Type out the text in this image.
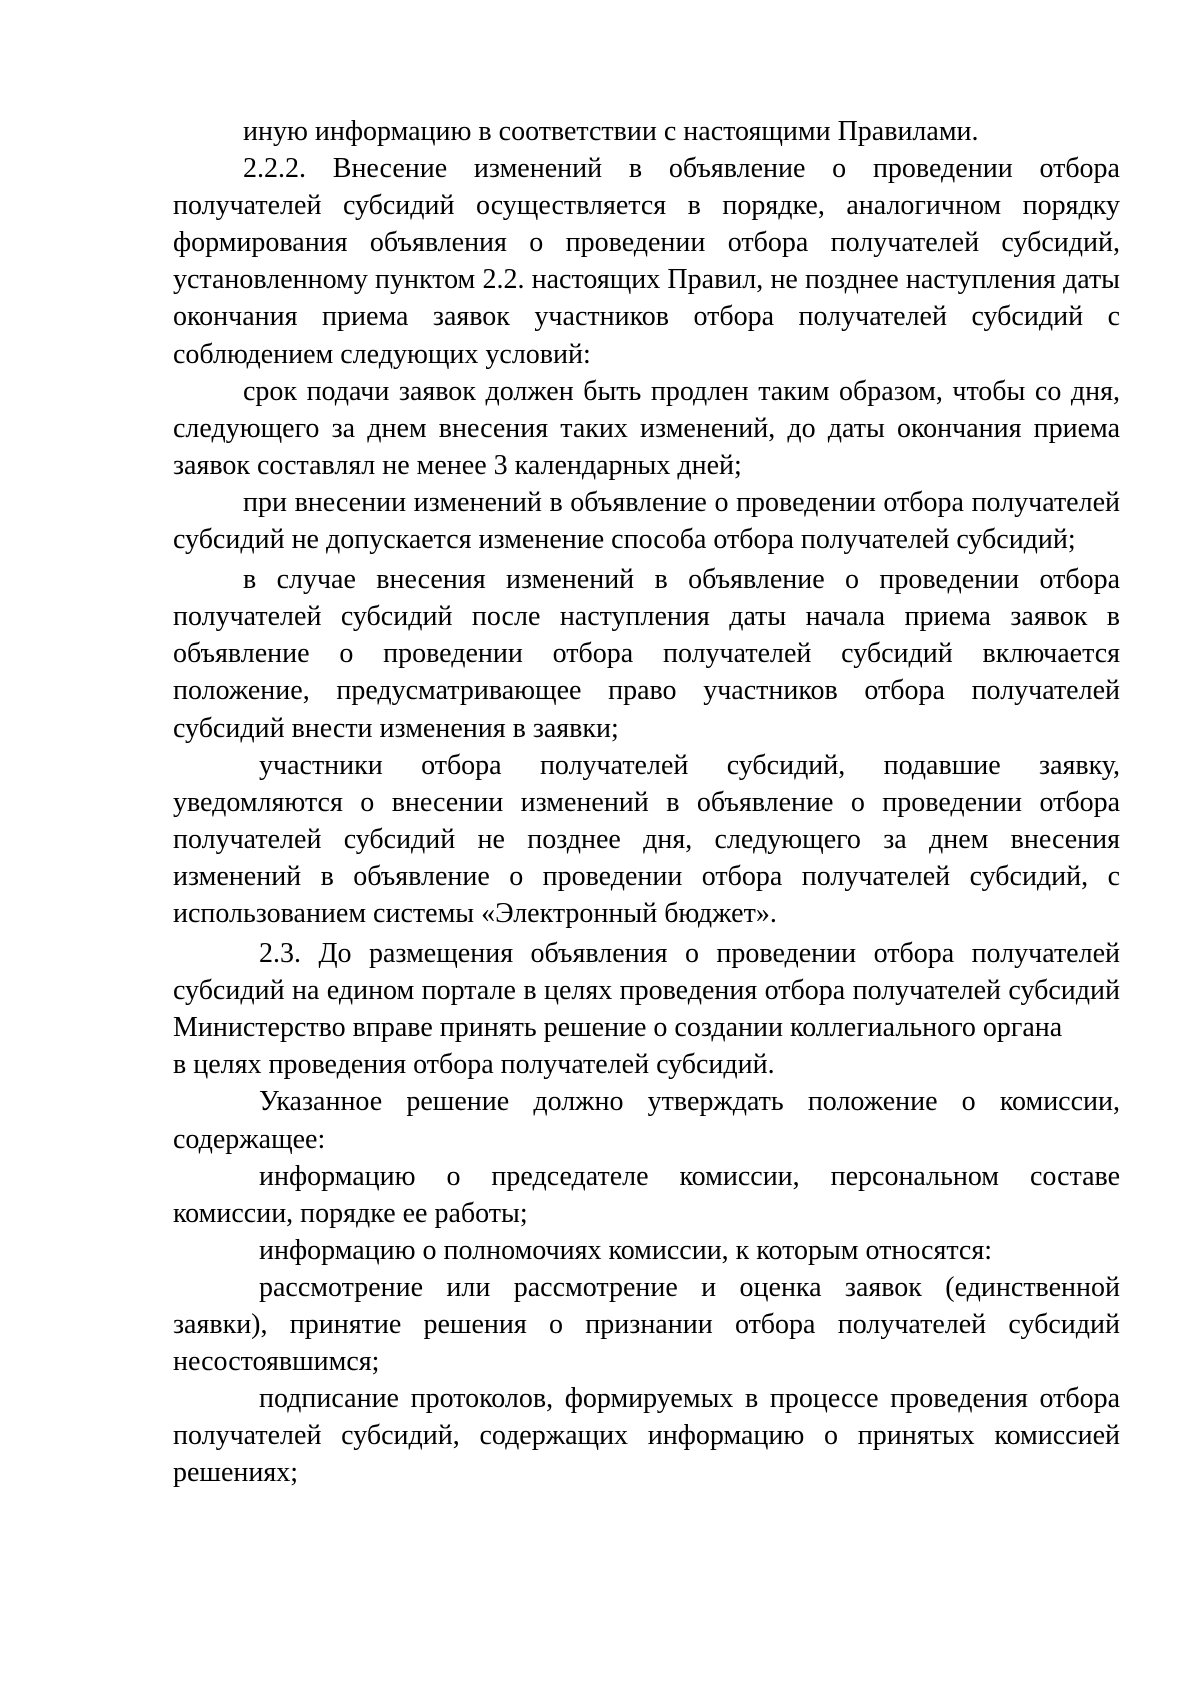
иную информацию в соответствии с настоящими Правилами.

2.2.2. Внесение изменений в объявление о проведении отбора получателей субсидий осуществляется в порядке, аналогичном порядку формирования объявления о проведении отбора получателей субсидий, установленному пунктом 2.2. настоящих Правил, не позднее наступления даты окончания приема заявок участников отбора получателей субсидий с соблюдением следующих условий:

срок подачи заявок должен быть продлен таким образом, чтобы со дня, следующего за днем внесения таких изменений, до даты окончания приема заявок составлял не менее 3 календарных дней;

при внесении изменений в объявление о проведении отбора получателей субсидий не допускается изменение способа отбора получателей субсидий;

в случае внесения изменений в объявление о проведении отбора получателей субсидий после наступления даты начала приема заявок в объявление о проведении отбора получателей субсидий включается положение, предусматривающее право участников отбора получателей субсидий внести изменения в заявки;

участники отбора получателей субсидий, подавшие заявку, уведомляются о внесении изменений в объявление о проведении отбора получателей субсидий не позднее дня, следующего за днем внесения изменений в объявление о проведении отбора получателей субсидий, с использованием системы «Электронный бюджет».

2.3. До размещения объявления о проведении отбора получателей субсидий на едином портале в целях проведения отбора получателей субсидий Министерство вправе принять решение о создании коллегиального органа

в целях проведения отбора получателей субсидий.

Указанное решение должно утверждать положение о комиссии, содержащее:

информацию о председателе комиссии, персональном составе комиссии, порядке ее работы;

информацию о полномочиях комиссии, к которым относятся:

рассмотрение или рассмотрение и оценка заявок (единственной заявки), принятие решения о признании отбора получателей субсидий несостоявшимся;

подписание протоколов, формируемых в процессе проведения отбора получателей субсидий, содержащих информацию о принятых комиссией решениях;
